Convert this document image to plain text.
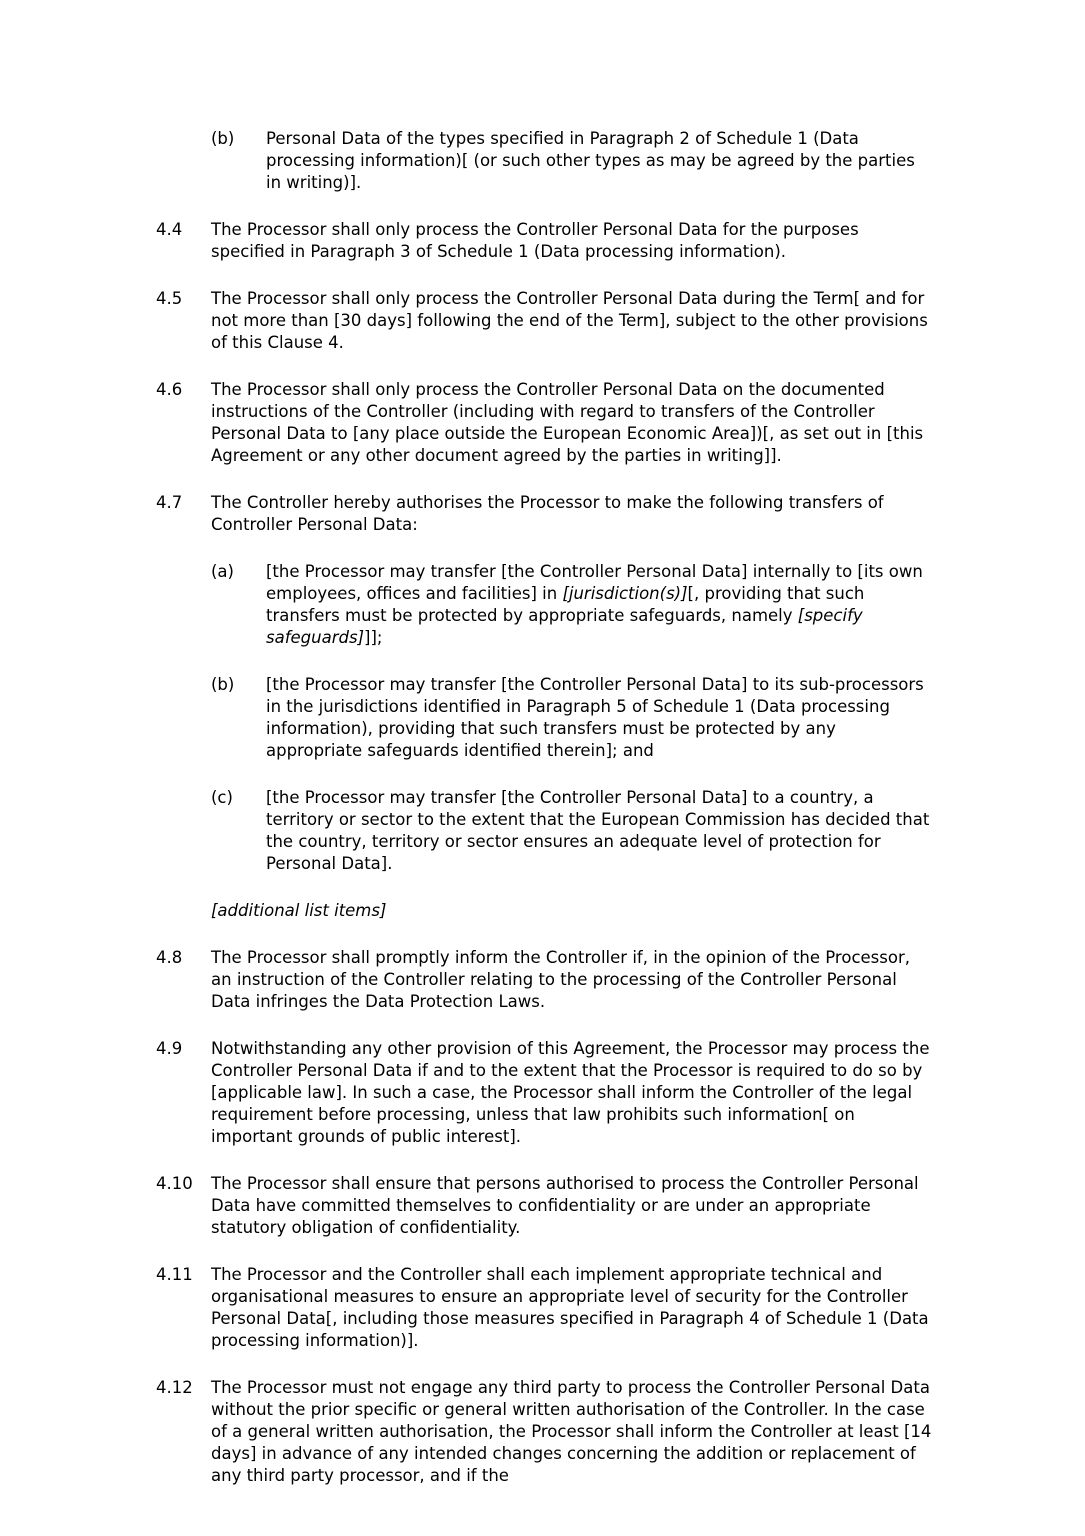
(b)	Personal Data of the types specified in Paragraph 2 of Schedule 1 (Data processing information)[ (or such other types as may be agreed by the parties in writing)].

4.4	The Processor shall only process the Controller Personal Data for the purposes specified in Paragraph 3 of Schedule 1 (Data processing information).

4.5	The Processor shall only process the Controller Personal Data during the Term[ and for not more than [30 days] following the end of the Term], subject to the other provisions of this Clause 4.

4.6	The Processor shall only process the Controller Personal Data on the documented instructions of the Controller (including with regard to transfers of the Controller Personal Data to [any place outside the European Economic Area])[, as set out in [this Agreement or any other document agreed by the parties in writing]].

4.7	The Controller hereby authorises the Processor to make the following transfers of Controller Personal Data:

(a)	[the Processor may transfer [the Controller Personal Data] internally to [its own employees, offices and facilities] in [jurisdiction(s)][, providing that such transfers must be protected by appropriate safeguards, namely [specify safeguards]]];

(b)	[the Processor may transfer [the Controller Personal Data] to its sub-processors in the jurisdictions identified in Paragraph 5 of Schedule 1 (Data processing information), providing that such transfers must be protected by any appropriate safeguards identified therein]; and

(c)	[the Processor may transfer [the Controller Personal Data] to a country, a territory or sector to the extent that the European Commission has decided that the country, territory or sector ensures an adequate level of protection for Personal Data].

[additional list items]

4.8	The Processor shall promptly inform the Controller if, in the opinion of the Processor, an instruction of the Controller relating to the processing of the Controller Personal Data infringes the Data Protection Laws.

4.9	Notwithstanding any other provision of this Agreement, the Processor may process the Controller Personal Data if and to the extent that the Processor is required to do so by [applicable law]. In such a case, the Processor shall inform the Controller of the legal requirement before processing, unless that law prohibits such information[ on important grounds of public interest].

4.10	The Processor shall ensure that persons authorised to process the Controller Personal Data have committed themselves to confidentiality or are under an appropriate statutory obligation of confidentiality.

4.11	The Processor and the Controller shall each implement appropriate technical and organisational measures to ensure an appropriate level of security for the Controller Personal Data[, including those measures specified in Paragraph 4 of Schedule 1 (Data processing information)].

4.12	The Processor must not engage any third party to process the Controller Personal Data without the prior specific or general written authorisation of the Controller. In the case of a general written authorisation, the Processor shall inform the Controller at least [14 days] in advance of any intended changes concerning the addition or replacement of any third party processor, and if the
